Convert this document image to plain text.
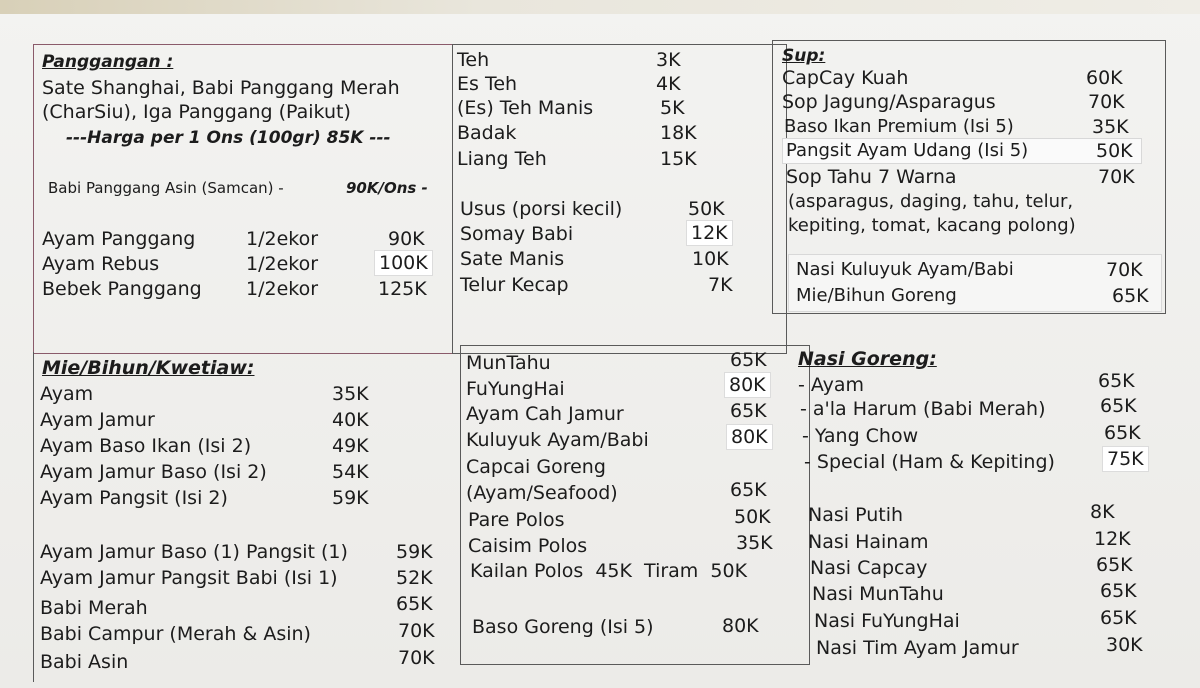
Panggangan :
Sate Shanghai, Babi Panggang Merah
(CharSiu), Iga Panggang (Paikut)
---Harga per 1 Ons (100gr) 85K ---
Babi Panggang Asin (Samcan) -	90K/Ons -
Ayam Panggang	1/2ekor	90K
Ayam Rebus	1/2ekor	100K
Bebek Panggang 1/2ekor	125K
Teh	3K
Es Teh	4K
(Es) Teh Manis	5K
Badak	18K
Liang Teh	15K
Usus (porsi kecil)	50K
Somay Babi	12K
Sate Manis	10K
Telur Kecap	7K
Sup:
CapCay Kuah	60K
Sop Jagung/Asparagus	70K
Baso Ikan Premium (Isi 5)	35K
Pangsit Ayam Udang (Isi 5)	50K
Sop Tahu 7 Warna	70K
(asparagus, daging, tahu, telur,
kepiting, tomat, kacang polong)
Nasi Kuluyuk Ayam/Babi	70K
Mie/Bihun Goreng	65K
Mie/Bihun/Kwetiaw:
Ayam	35K
Ayam Jamur	40K
Ayam Baso Ikan (Isi 2)	49K
Ayam Jamur Baso (Isi 2)	54K
Ayam Pangsit (Isi 2)	59K
Ayam Jamur Baso (1) Pangsit (1)	59K
Ayam Jamur Pangsit Babi (Isi 1)	52K
Babi Merah	65K
Babi Campur (Merah & Asin)	70K
Babi Asin	70K
MunTahu	65K
FuYungHai	80K
Ayam Cah Jamur	65K
Kuluyuk Ayam/Babi	80K
Capcai Goreng
(Ayam/Seafood)	65K
Pare Polos	50K
Caisim Polos	35K
Kailan Polos  45K  Tiram  50K
Baso Goreng (Isi 5)	80K
Nasi Goreng:
- Ayam	65K
- a'la Harum (Babi Merah)	65K
- Yang Chow	65K
- Special (Ham & Kepiting)	75K
Nasi Putih	8K
Nasi Hainam	12K
Nasi Capcay	65K
Nasi MunTahu	65K
Nasi FuYungHai	65K
Nasi Tim Ayam Jamur	30K
